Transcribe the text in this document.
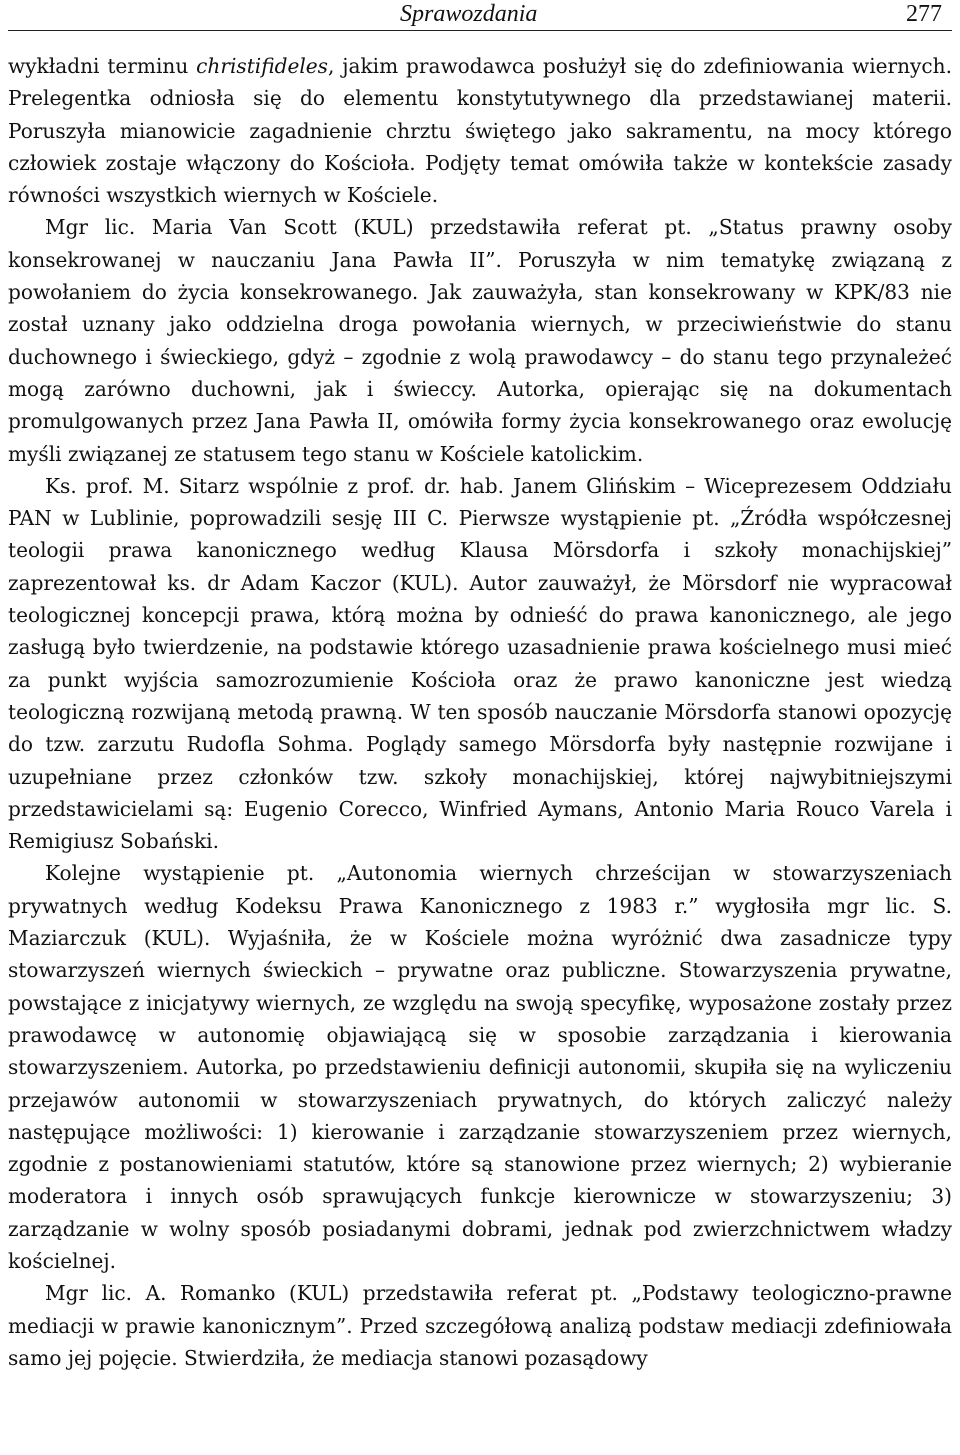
Sprawozdania	277

wykładni terminu christifideles, jakim prawodawca posłużył się do zdefiniowania wiernych. Prelegentka odniosła się do elementu konstytutywnego dla przedstawianej materii. Poruszyła mianowicie zagadnienie chrztu świętego jako sakramentu, na mocy którego człowiek zostaje włączony do Kościoła. Podjęty temat omówiła także w kontekście zasady równości wszystkich wiernych w Kościele.

Mgr lic. Maria Van Scott (KUL) przedstawiła referat pt. „Status prawny osoby konsekrowanej w nauczaniu Jana Pawła II”. Poruszyła w nim tematykę związaną z powołaniem do życia konsekrowanego. Jak zauważyła, stan konsekrowany w KPK/83 nie został uznany jako oddzielna droga powołania wiernych, w przeciwieństwie do stanu duchownego i świeckiego, gdyż – zgodnie z wolą prawodawcy – do stanu tego przynależeć mogą zarówno duchowni, jak i świeccy. Autorka, opierając się na dokumentach promulgowanych przez Jana Pawła II, omówiła formy życia konsekrowanego oraz ewolucję myśli związanej ze statusem tego stanu w Kościele katolickim.

Ks. prof. M. Sitarz wspólnie z prof. dr. hab. Janem Glińskim – Wiceprezesem Oddziału PAN w Lublinie, poprowadzili sesję III C. Pierwsze wystąpienie pt. „Źródła współczesnej teologii prawa kanonicznego według Klausa Mörsdorfa i szkoły monachijskiej” zaprezentował ks. dr Adam Kaczor (KUL). Autor zauważył, że Mörsdorf nie wypracował teologicznej koncepcji prawa, którą można by odnieść do prawa kanonicznego, ale jego zasługą było twierdzenie, na podstawie którego uzasadnienie prawa kościelnego musi mieć za punkt wyjścia samozrozumienie Kościoła oraz że prawo kanoniczne jest wiedzą teologiczną rozwijaną metodą prawną. W ten sposób nauczanie Mörsdorfa stanowi opozycję do tzw. zarzutu Rudofla Sohma. Poglądy samego Mörsdorfa były następnie rozwijane i uzupełniane przez członków tzw. szkoły monachijskiej, której najwybitniejszymi przedstawicielami są: Eugenio Corecco, Winfried Aymans, Antonio Maria Rouco Varela i Remigiusz Sobański.

Kolejne wystąpienie pt. „Autonomia wiernych chrześcijan w stowarzyszeniach prywatnych według Kodeksu Prawa Kanonicznego z 1983 r.” wygłosiła mgr lic. S. Maziarczuk (KUL). Wyjaśniła, że w Kościele można wyróżnić dwa zasadnicze typy stowarzyszeń wiernych świeckich – prywatne oraz publiczne. Stowarzyszenia prywatne, powstające z inicjatywy wiernych, ze względu na swoją specyfikę, wyposażone zostały przez prawodawcę w autonomię objawiającą się w sposobie zarządzania i kierowania stowarzyszeniem. Autorka, po przedstawieniu definicji autonomii, skupiła się na wyliczeniu przejawów autonomii w stowarzyszeniach prywatnych, do których zaliczyć należy następujące możliwości: 1) kierowanie i zarządzanie stowarzyszeniem przez wiernych, zgodnie z postanowieniami statutów, które są stanowione przez wiernych; 2) wybieranie moderatora i innych osób sprawujących funkcje kierownicze w stowarzyszeniu; 3) zarządzanie w wolny sposób posiadanymi dobrami, jednak pod zwierzchnictwem władzy kościelnej.

Mgr lic. A. Romanko (KUL) przedstawiła referat pt. „Podstawy teologiczno-prawne mediacji w prawie kanonicznym”. Przed szczegółową analizą podstaw mediacji zdefiniowała samo jej pojęcie. Stwierdziła, że mediacja stanowi pozasądowy
